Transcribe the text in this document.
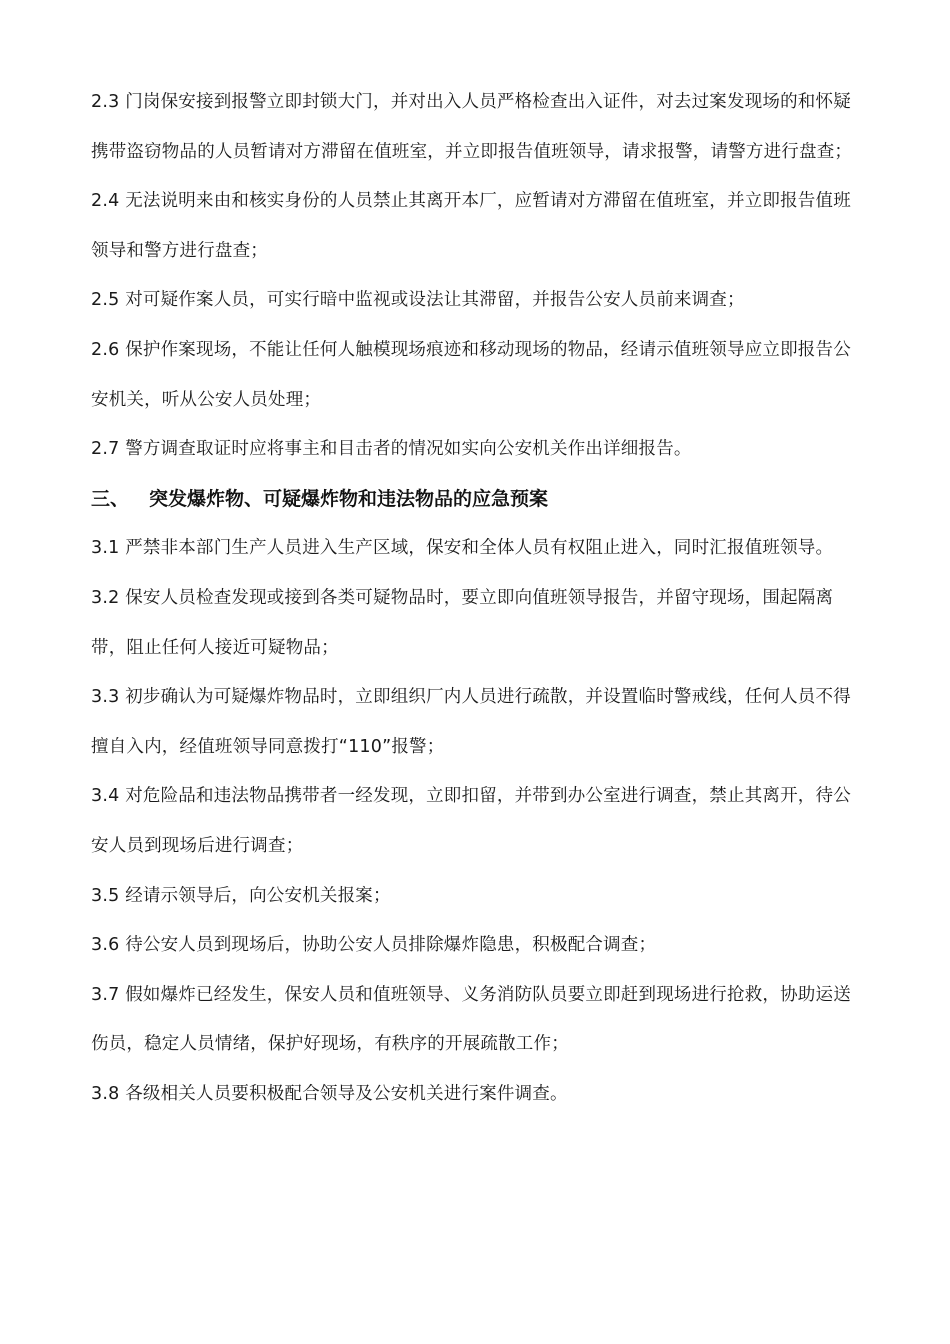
2.3 门岗保安接到报警立即封锁大门，并对出入人员严格检查出入证件，对去过案发现场的和怀疑携带盗窃物品的人员暂请对方滞留在值班室，并立即报告值班领导，请求报警，请警方进行盘查；

2.4 无法说明来由和核实身份的人员禁止其离开本厂，应暂请对方滞留在值班室，并立即报告值班领导和警方进行盘查；

2.5 对可疑作案人员，可实行暗中监视或设法让其滞留，并报告公安人员前来调查；

2.6 保护作案现场，不能让任何人触模现场痕迹和移动现场的物品，经请示值班领导应立即报告公安机关，听从公安人员处理；

2.7 警方调查取证时应将事主和目击者的情况如实向公安机关作出详细报告。

三、 突发爆炸物、可疑爆炸物和违法物品的应急预案

3.1 严禁非本部门生产人员进入生产区域，保安和全体人员有权阻止进入，同时汇报值班领导。

3.2 保安人员检查发现或接到各类可疑物品时，要立即向值班领导报告，并留守现场，围起隔离带，阻止任何人接近可疑物品；

3.3 初步确认为可疑爆炸物品时，立即组织厂内人员进行疏散，并设置临时警戒线，任何人员不得擅自入内，经值班领导同意拨打“110”报警；

3.4 对危险品和违法物品携带者一经发现，立即扣留，并带到办公室进行调查，禁止其离开，待公安人员到现场后进行调查；

3.5 经请示领导后，向公安机关报案；

3.6 待公安人员到现场后，协助公安人员排除爆炸隐患，积极配合调查；

3.7 假如爆炸已经发生，保安人员和值班领导、义务消防队员要立即赶到现场进行抢救，协助运送伤员，稳定人员情绪，保护好现场，有秩序的开展疏散工作；

3.8 各级相关人员要积极配合领导及公安机关进行案件调查。
